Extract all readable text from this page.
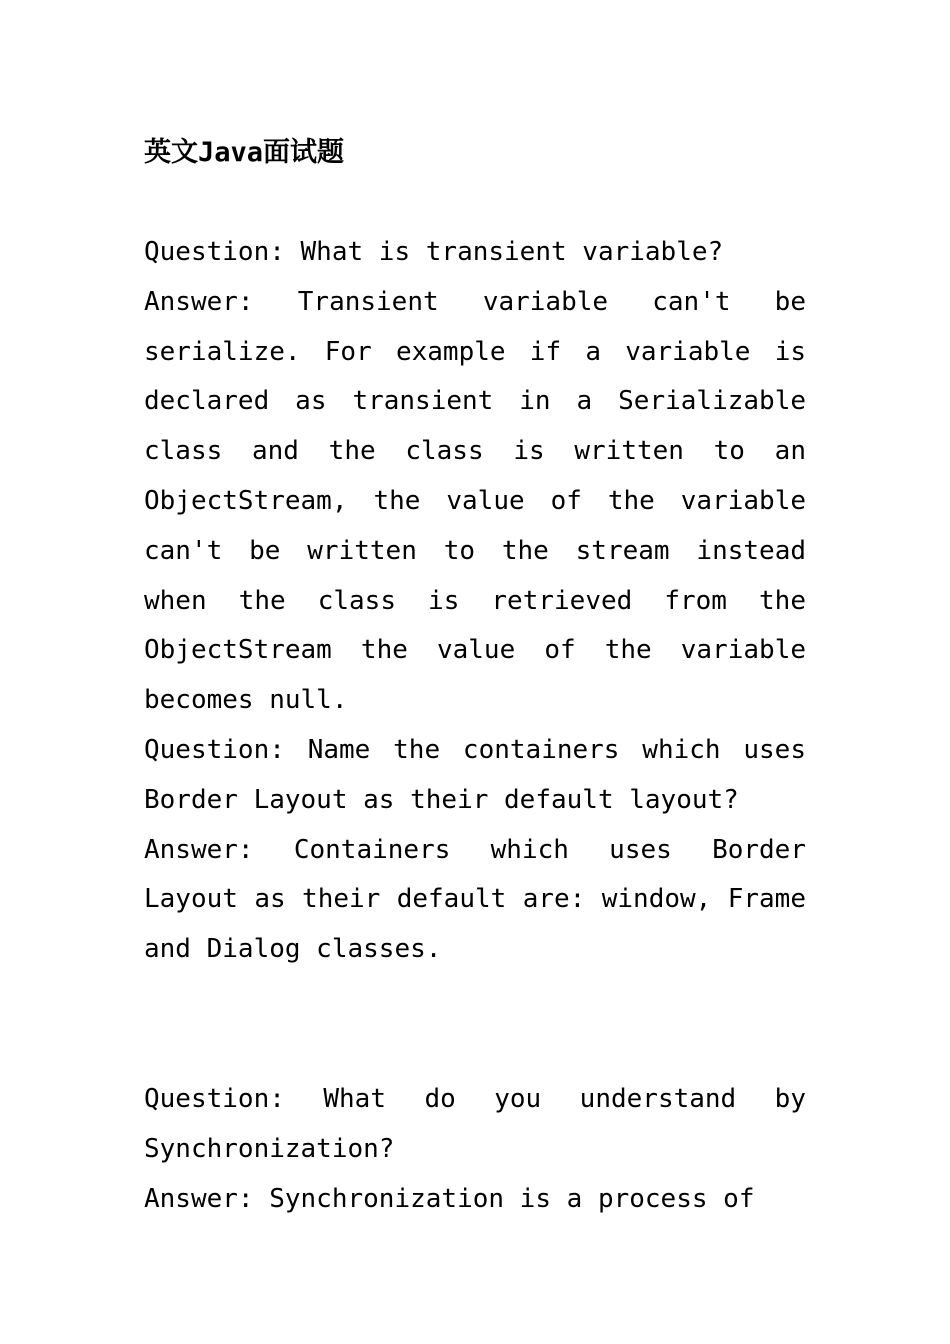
英文Java面试题

Question: What is transient variable?

Answer: Transient variable can't be serialize. For example if a variable is declared as transient in a Serializable class and the class is written to an ObjectStream, the value of the variable can't be written to the stream instead when the class is retrieved from the ObjectStream the value of the variable becomes null.

Question: Name the containers which uses Border Layout as their default layout?

Answer: Containers which uses Border Layout as their default are: window, Frame and Dialog classes.

Question: What do you understand by Synchronization?

Answer: Synchronization is a process of
